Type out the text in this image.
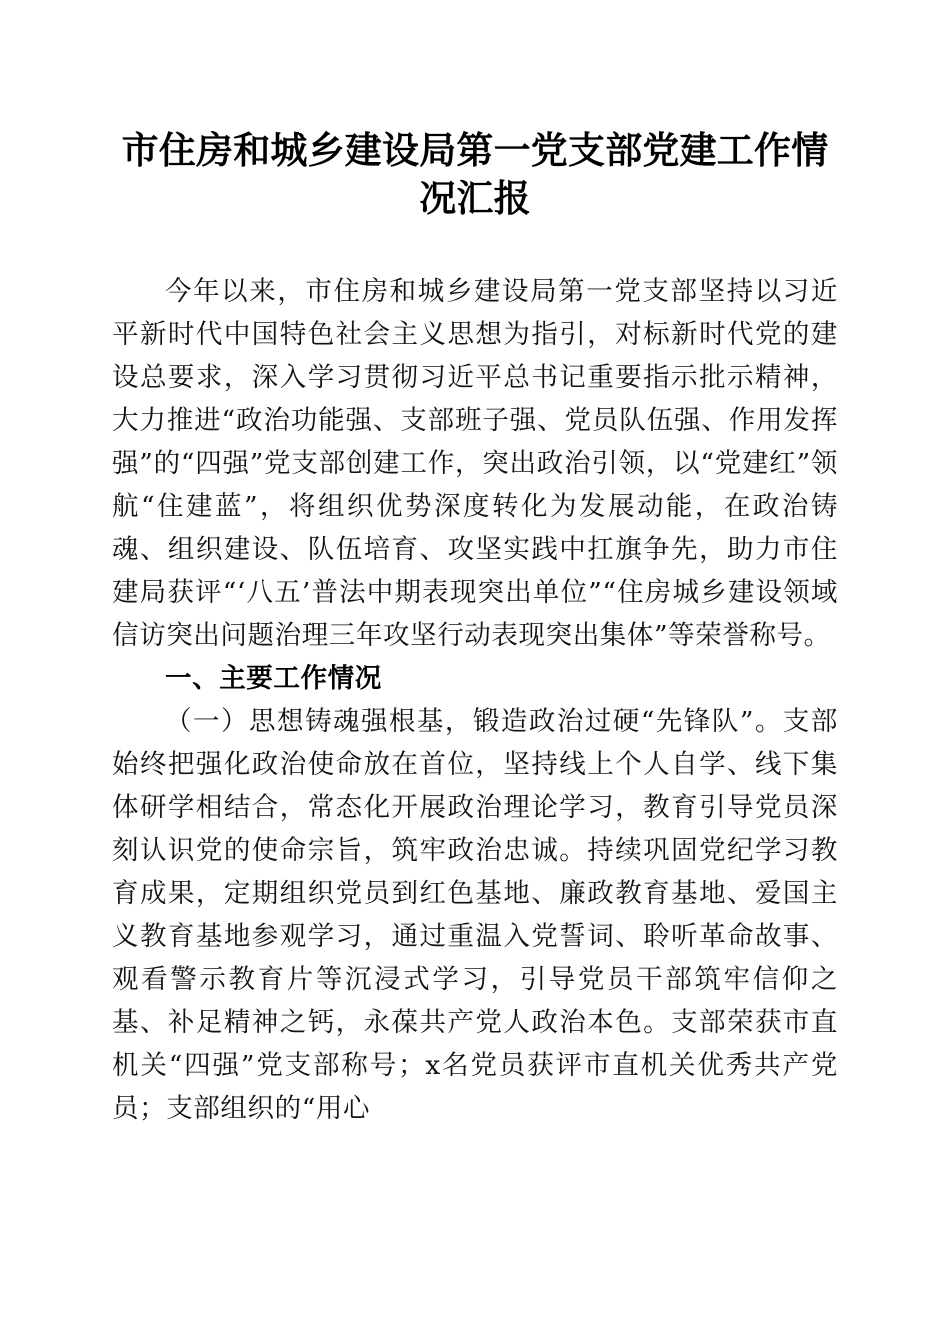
市住房和城乡建设局第一党支部党建工作情况汇报

今年以来，市住房和城乡建设局第一党支部坚持以习近平新时代中国特色社会主义思想为指引，对标新时代党的建设总要求，深入学习贯彻习近平总书记重要指示批示精神，大力推进“政治功能强、支部班子强、党员队伍强、作用发挥强”的“四强”党支部创建工作，突出政治引领，以“党建红”领航“住建蓝”，将组织优势深度转化为发展动能，在政治铸魂、组织建设、队伍培育、攻坚实践中扛旗争先，助力市住建局获评“‘八五’普法中期表现突出单位”“住房城乡建设领域信访突出问题治理三年攻坚行动表现突出集体”等荣誉称号。

一、主要工作情况

（一）思想铸魂强根基，锻造政治过硬“先锋队”。支部始终把强化政治使命放在首位，坚持线上个人自学、线下集体研学相结合，常态化开展政治理论学习，教育引导党员深刻认识党的使命宗旨，筑牢政治忠诚。持续巩固党纪学习教育成果，定期组织党员到红色基地、廉政教育基地、爱国主义教育基地参观学习，通过重温入党誓词、聆听革命故事、观看警示教育片等沉浸式学习，引导党员干部筑牢信仰之基、补足精神之钙，永葆共产党人政治本色。支部荣获市直机关“四强”党支部称号；x名党员获评市直机关优秀共产党员；支部组织的“用心
